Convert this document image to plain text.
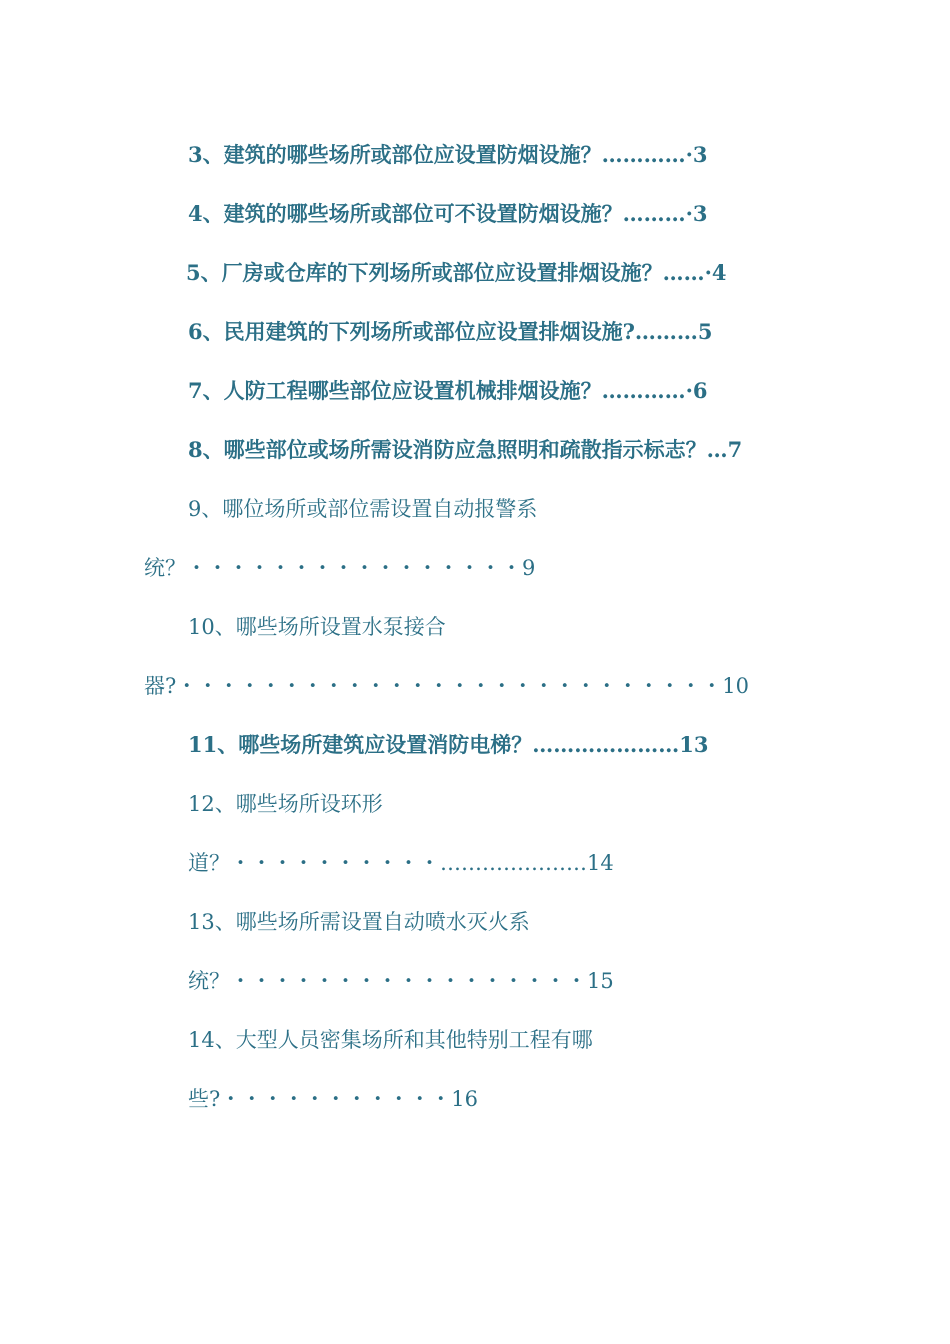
3、建筑的哪些场所或部位应设置防烟设施？…………·3
4、建筑的哪些场所或部位可不设置防烟设施？………·3
5、厂房或仓库的下列场所或部位应设置排烟设施？……·4
6、民用建筑的下列场所或部位应设置排烟设施?………5
7、人防工程哪些部位应设置机械排烟设施？…………·6
8、哪些部位或场所需设消防应急照明和疏散指示标志？…7
9、哪位场所或部位需设置自动报警系
统？・・・・・・・・・・・・・・・・9
10、哪些场所设置水泵接合
器?・・・・・・・・・・・・・・・・・・・・・・・・・・10
11、哪些场所建筑应设置消防电梯？…………………13
12、哪些场所设环形
道？・・・・・・・・・・…………………14
13、哪些场所需设置自动喷水灭火系
统？・・・・・・・・・・・・・・・・・15
14、大型人员密集场所和其他特别工程有哪
些?・・・・・・・・・・・16
